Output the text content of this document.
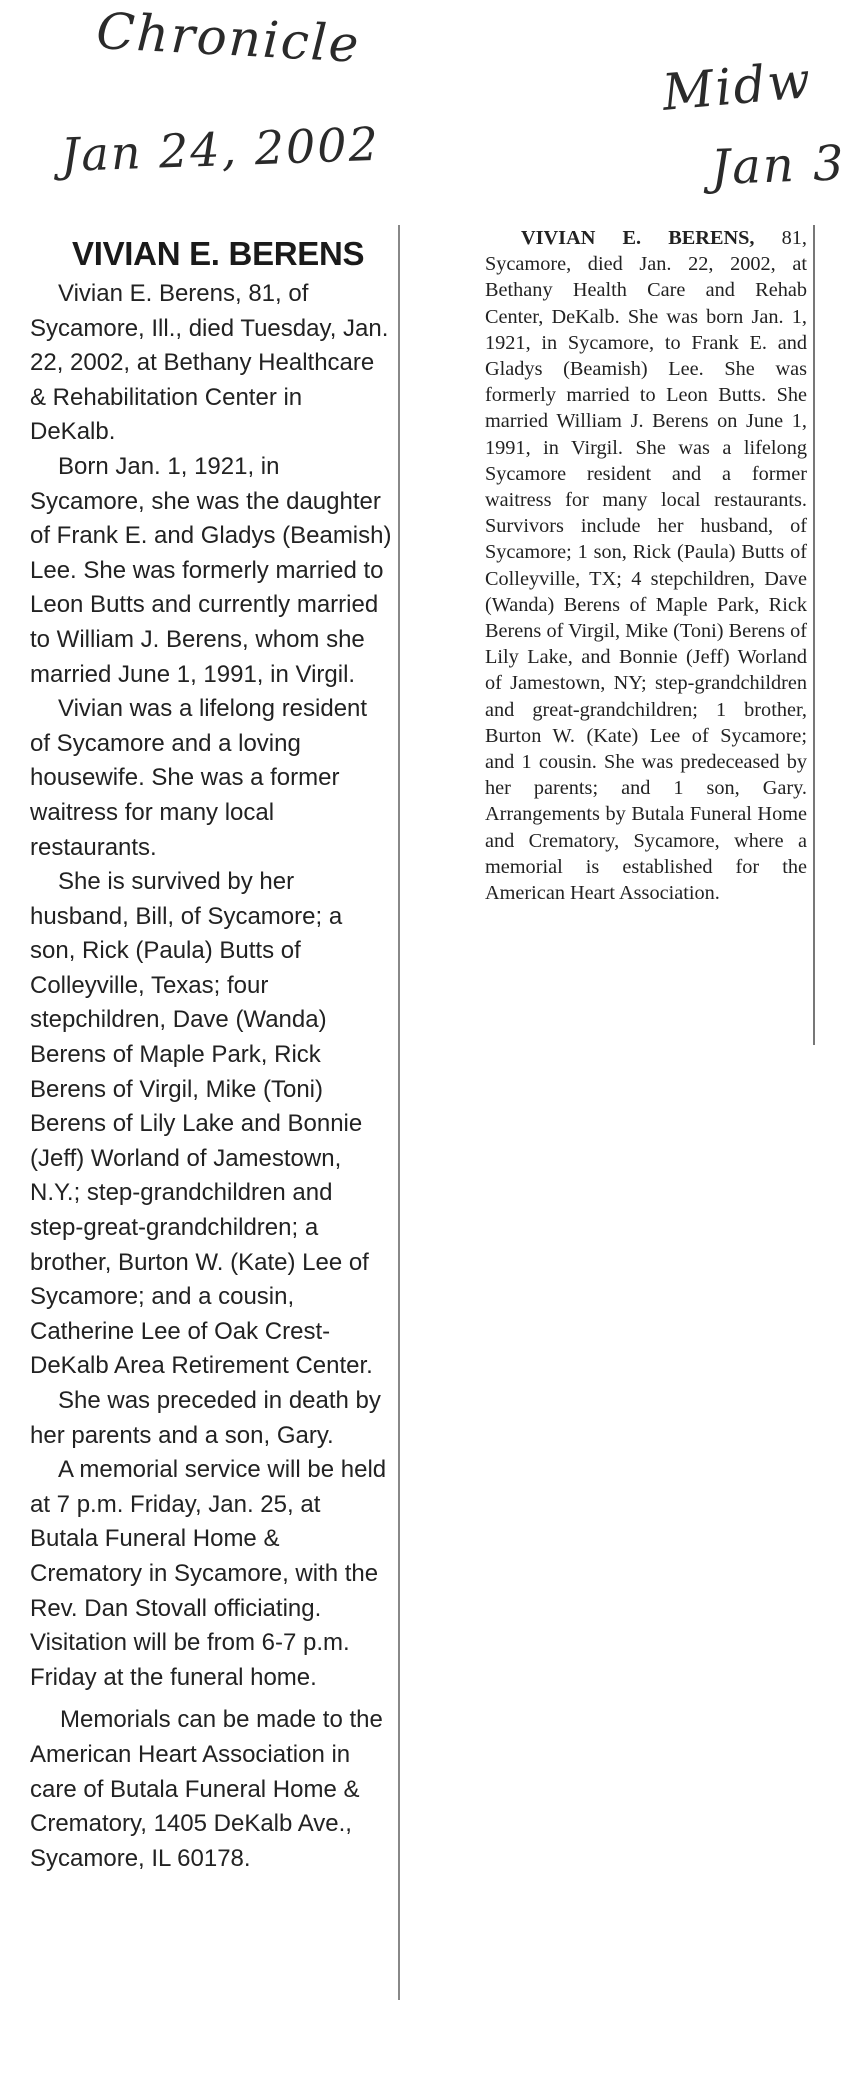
Chronicle
Jan 24, 2002
Midw
Jan 3
VIVIAN E. BERENS

Vivian E. Berens, 81, of Sycamore, Ill., died Tuesday, Jan. 22, 2002, at Bethany Healthcare & Rehabilitation Center in DeKalb.

Born Jan. 1, 1921, in Sycamore, she was the daughter of Frank E. and Gladys (Beamish) Lee. She was formerly married to Leon Butts and currently married to William J. Berens, whom she married June 1, 1991, in Virgil.

Vivian was a lifelong resident of Sycamore and a loving housewife. She was a former waitress for many local restaurants.

She is survived by her husband, Bill, of Sycamore; a son, Rick (Paula) Butts of Colleyville, Texas; four stepchildren, Dave (Wanda) Berens of Maple Park, Rick Berens of Virgil, Mike (Toni) Berens of Lily Lake and Bonnie (Jeff) Worland of Jamestown, N.Y.; step-grandchildren and step-great-grandchildren; a brother, Burton W. (Kate) Lee of Sycamore; and a cousin, Catherine Lee of Oak Crest-DeKalb Area Retirement Center.

She was preceded in death by her parents and a son, Gary.

A memorial service will be held at 7 p.m. Friday, Jan. 25, at Butala Funeral Home & Crematory in Sycamore, with the Rev. Dan Stovall officiating. Visitation will be from 6-7 p.m. Friday at the funeral home.

Memorials can be made to the American Heart Association in care of Butala Funeral Home & Crematory, 1405 DeKalb Ave., Sycamore, IL 60178.

VIVIAN E. BERENS, 81, Sycamore, died Jan. 22, 2002, at Bethany Health Care and Rehab Center, DeKalb. She was born Jan. 1, 1921, in Sycamore, to Frank E. and Gladys (Beamish) Lee. She was formerly married to Leon Butts. She married William J. Berens on June 1, 1991, in Virgil. She was a lifelong Sycamore resident and a former waitress for many local restaurants. Survivors include her husband, of Sycamore; 1 son, Rick (Paula) Butts of Colleyville, TX; 4 stepchildren, Dave (Wanda) Berens of Maple Park, Rick Berens of Virgil, Mike (Toni) Berens of Lily Lake, and Bonnie (Jeff) Worland of Jamestown, NY; step-grandchildren and great-grandchildren; 1 brother, Burton W. (Kate) Lee of Sycamore; and 1 cousin. She was predeceased by her parents; and 1 son, Gary. Arrangements by Butala Funeral Home and Crematory, Sycamore, where a memorial is established for the American Heart Association.
